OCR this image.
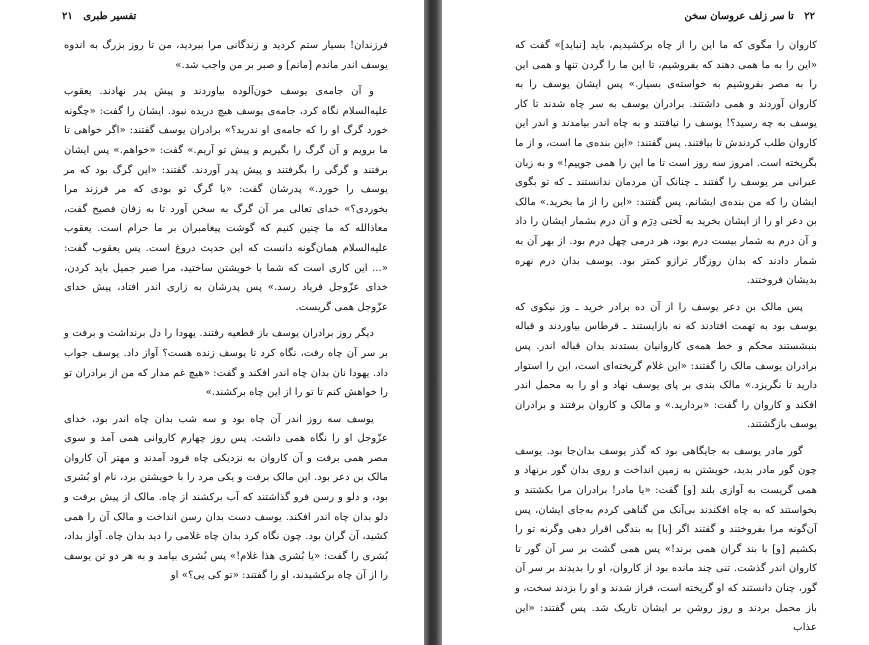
تفسیر طبری   ۲۱

فرزندان! بسیار ستم کردید و زندگانی مرا ببردید، من تا روز بزرگ به اندوه یوسف اندر ماندم [مانم] و صبر بر من واجب شد.»

و آن جامه‌ی یوسف خون‌آلوده بیاوردند و پیش پدر نهادند. یعقوب علیه‌السلام نگاه کرد، جامه‌ی یوسف هیچ دریده نبود. ایشان را گفت: «چگونه خورد گرگ او را که جامه‌ی او ندرید؟» برادران یوسف گفتند: «اگر خواهی تا ما برویم و آن گرگ را بگیریم و پیش تو آریم.» گفت: «خواهم.» پس ایشان برفتند و گرگی را بگرفتند و پیش پدر آوردند. گفتند: «این گرگ بود که مر یوسف را خورد.» پدرشان گفت: «یا گرگ تو بودی که مر فرزند مرا بخوردی؟» خدای تعالی مر آن گرگ به سخن آورد تا به زفان فصیح گفت، معاذالله که ما چنین کنیم که گوشت پیغامبران بر ما حرام است. یعقوب علیه‌السلام همان‌گونه دانست که این حدیث دروغ است. پس یعقوب گفت: «... این کاری است که شما با خویشتن ساختید، مرا صبر جمیل باید کردن، خدای عزّوجل فریاد رسد.» پس پدرشان به زاری اندر افتاد، پیش خدای عزّوجل همی گریست.

دیگر روز برادران یوسف باز قطعیه رفتند. یهودا را دل برنداشت و برفت و بر سر آن چاه رفت، نگاه کرد تا یوسف زنده هست؟ آواز داد. یوسف جواب داد. یهودا نان بدان چاه اندر افکند و گفت: «هیچ غم مدار که من از برادران تو را خواهش کنم تا تو را از این چاه برکشند.»

یوسف سه روز اندر آن چاه بود و سه شب بدان چاه اندر بود، خدای عزّوجل او را نگاه همی داشت. پس روز چهارم کاروانی همی آمد و سوی مصر همی برفت و آن کاروان به نزدیکی چاه فرود آمدند و مهتر آن کاروان مالک بن دعر بود. این مالک برفت و یکی مرد را با خویشتن برد، نام او بُشری بود، و دلو و رسن فرو گذاشتند که آب برکشند از چاه. مالک از پیش برفت و دلو بدان چاه اندر افکند. یوسف دست بدان رسن انداخت و مالک آن را همی کشید، آن گران بود. چون نگاه کرد بدان چاه غلامی را دید بدان چاه. آواز بداد، بُشری را گفت: «یا بُشری هذا غلام!» پس بُشری بیامد و به هر دو تن یوسف را از آن چاه برکشیدند، او را گفتند: «تو کی‌ یی؟» او

۲۲   تا سر زلف عروسان سخن

کاروان را مگوی که ما این را از چاه برکشیدیم، باید [نباید]» گفت که «این را به ما همی دهند که بفروشیم، تا این ما را گردن تنها و همی این را به مصر بفروشیم به خواسته‌ی بسیار.» پس ایشان یوسف را به کاروان آوردند و همی داشتند. برادران یوسف به سر چاه شدند تا کار یوسف به چه رسید؟! یوسف را نیافتند و به چاه اندر بیامدند و اندر این کاروان طلب کردندش تا بیافتند. پس گفتند: «این بنده‌ی ما است، و از ما بگریخته است. امروز سه روز است تا ما این را همی جوییم!» و به زبان عبرانی مر یوسف را گفتند ـ چنانک آن مردمان ندانستند ـ که تو بگوی ایشان را که من بنده‌ی ایشانم. پس گفتند: «این را از ما بخرید.» مالک بن دعر او را از ایشان بخرید به لَختی دِرَم و آن درم بشمار ایشان را داد و آن درم به شمار بیست درم بود، هر درمی چهل درم بود. از بهر آن به شمار دادند که بدان روزگار ترازو کمتر بود. یوسف بدان درم نهره بدیشان فروختند.

پس مالک بن دعر یوسف را از آن ده برادر خرید ـ وز نیکوی که یوسف بود به تهمت افتادند که نه بازایستند ـ قرطاس بیاوردند و قباله بنبشستند محکم و خط همه‌ی کاروانیان بستدند بدان قباله اندر. پس برادران یوسف مالک را گفتند: «این غلام گریخته‌ای است، این را استوار دارید تا نگریزد.» مالک بندی بر پای یوسف نهاد و او را به محمل اندر افکند و کاروان را گفت: «بردارید.» و مالک و کاروان برفتند و برادران یوسف بازگشتند.

گور مادر یوسف به جایگاهی بود که گذر یوسف بدان‌جا بود. یوسف چون گور مادر بدید، خویشتن به زمین انداخت و روی بدان گور برنهاد و همی گریست به آوازی بلند [و] گفت: «یا مادر! برادران مرا بکشتند و بخواستند که به چاه افکندند بی‌آنک من گناهی کردم به‌جای ایشان، پس آن‌گونه مرا بفروختند و گفتند اگر [با] به بندگی اقرار دهی وگرنه تو را بکشیم [و] با بند گران همی برند!» پس همی گشت بر سر آن گور تا کاروان اندر گذشت. تنی چند مانده بود از کاروان، او را بدیدند بر سر آن گور، چنان دانستند که او گریخته است، فراز شدند و او را بزدند سخت، و باز محمل بردند و روز روشن بر ایشان تاریک شد. پس گفتند: «این عذاب
